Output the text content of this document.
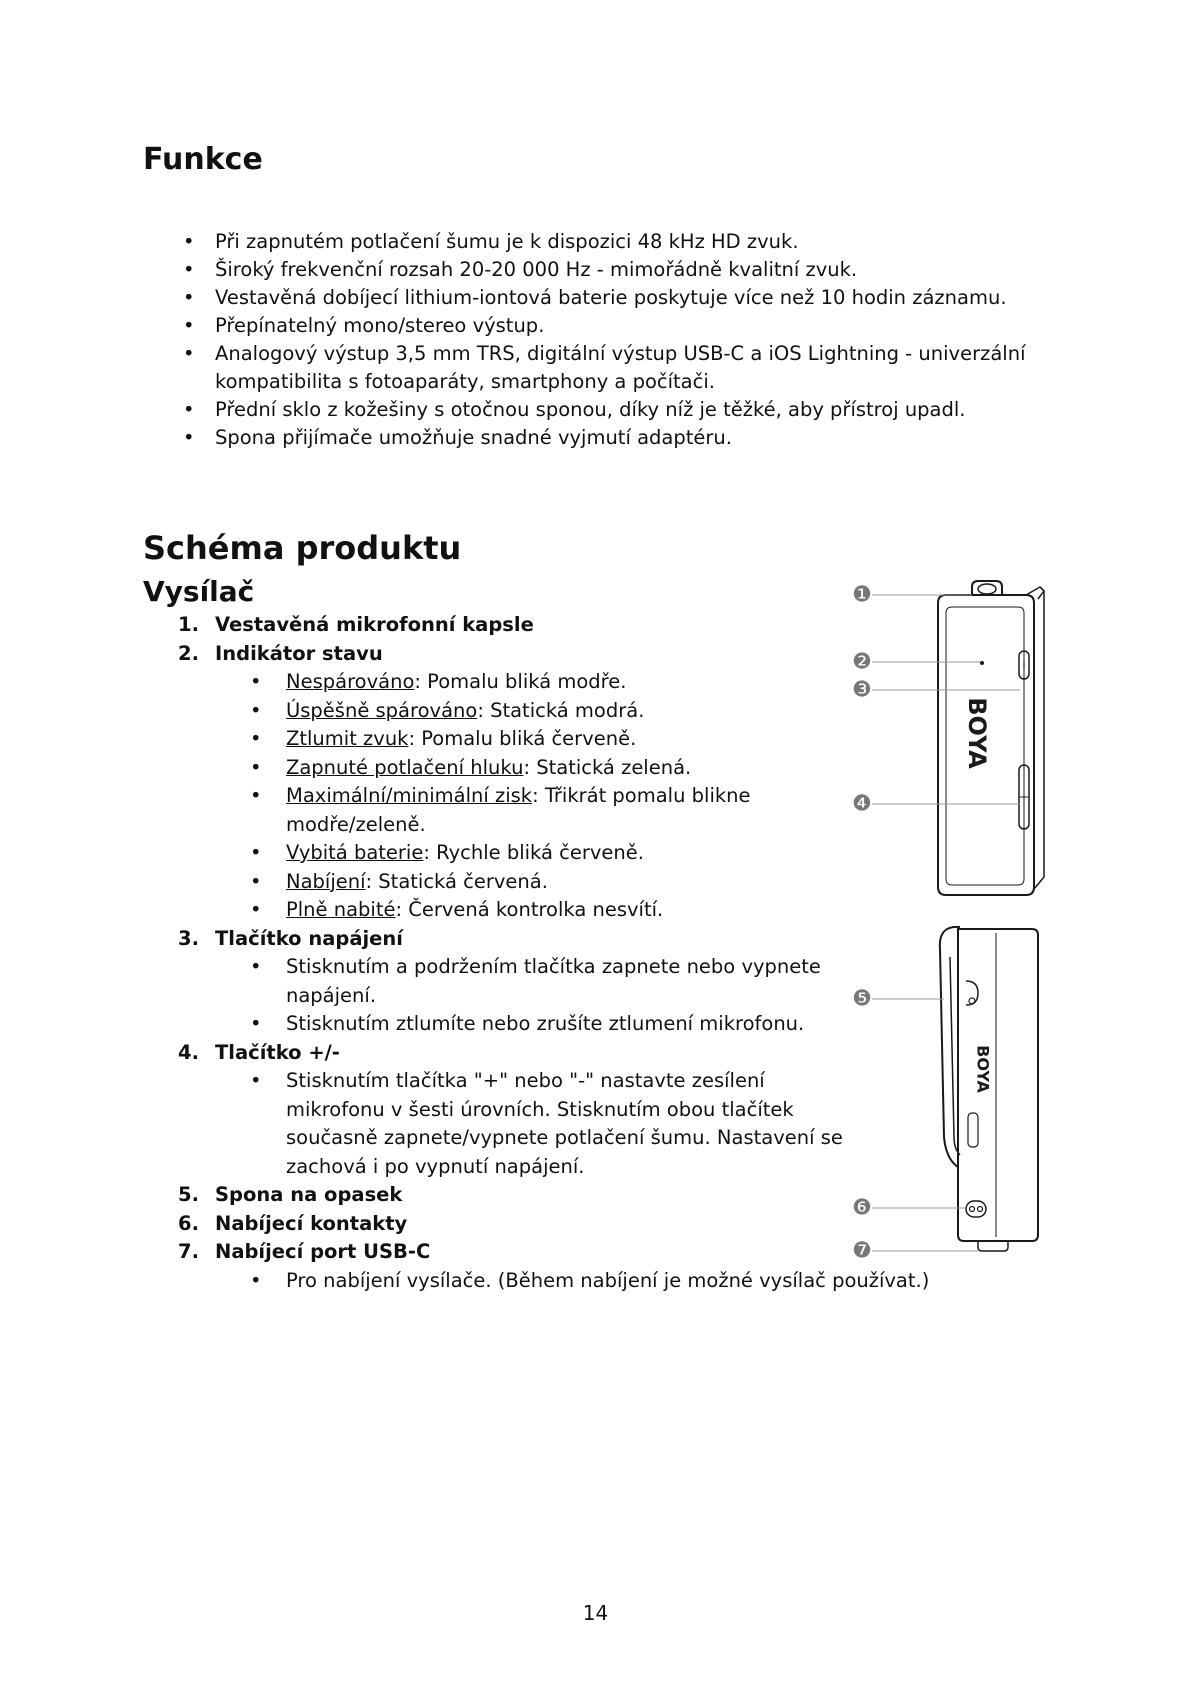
Funkce
• Při zapnutém potlačení šumu je k dispozici 48 kHz HD zvuk.
• Široký frekvenční rozsah 20-20 000 Hz - mimořádně kvalitní zvuk.
• Vestavěná dobíjecí lithium-iontová baterie poskytuje více než 10 hodin záznamu.
• Přepínatelný mono/stereo výstup.
• Analogový výstup 3,5 mm TRS, digitální výstup USB-C a iOS Lightning - univerzální kompatibilita s fotoaparáty, smartphony a počítači.
• Přední sklo z kožešiny s otočnou sponou, díky níž je těžké, aby přístroj upadl.
• Spona přijímače umožňuje snadné vyjmutí adaptéru.
Schéma produktu
Vysílač
1. Vestavěná mikrofonní kapsle
2. Indikátor stavu
• Nespárováno: Pomalu bliká modře.
• Úspěšně spárováno: Statická modrá.
• Ztlumit zvuk: Pomalu bliká červeně.
• Zapnuté potlačení hluku: Statická zelená.
• Maximální/minimální zisk: Třikrát pomalu blikne modře/zeleně.
• Vybitá baterie: Rychle bliká červeně.
• Nabíjení: Statická červená.
• Plně nabité: Červená kontrolka nesvítí.
3. Tlačítko napájení
• Stisknutím a podržením tlačítka zapnete nebo vypnete napájení.
• Stisknutím ztlumíte nebo zrušíte ztlumení mikrofonu.
4. Tlačítko +/-
• Stisknutím tlačítka "+" nebo "-" nastavte zesílení mikrofonu v šesti úrovních. Stisknutím obou tlačítek současně zapnete/vypnete potlačení šumu. Nastavení se zachová i po vypnutí napájení.
5. Spona na opasek
6. Nabíjecí kontakty
7. Nabíjecí port USB-C
• Pro nabíjení vysílače. (Během nabíjení je možné vysílač používat.)
BOYA
BOYA
❶
❷
❸
❹
❺
❻
❼
14
